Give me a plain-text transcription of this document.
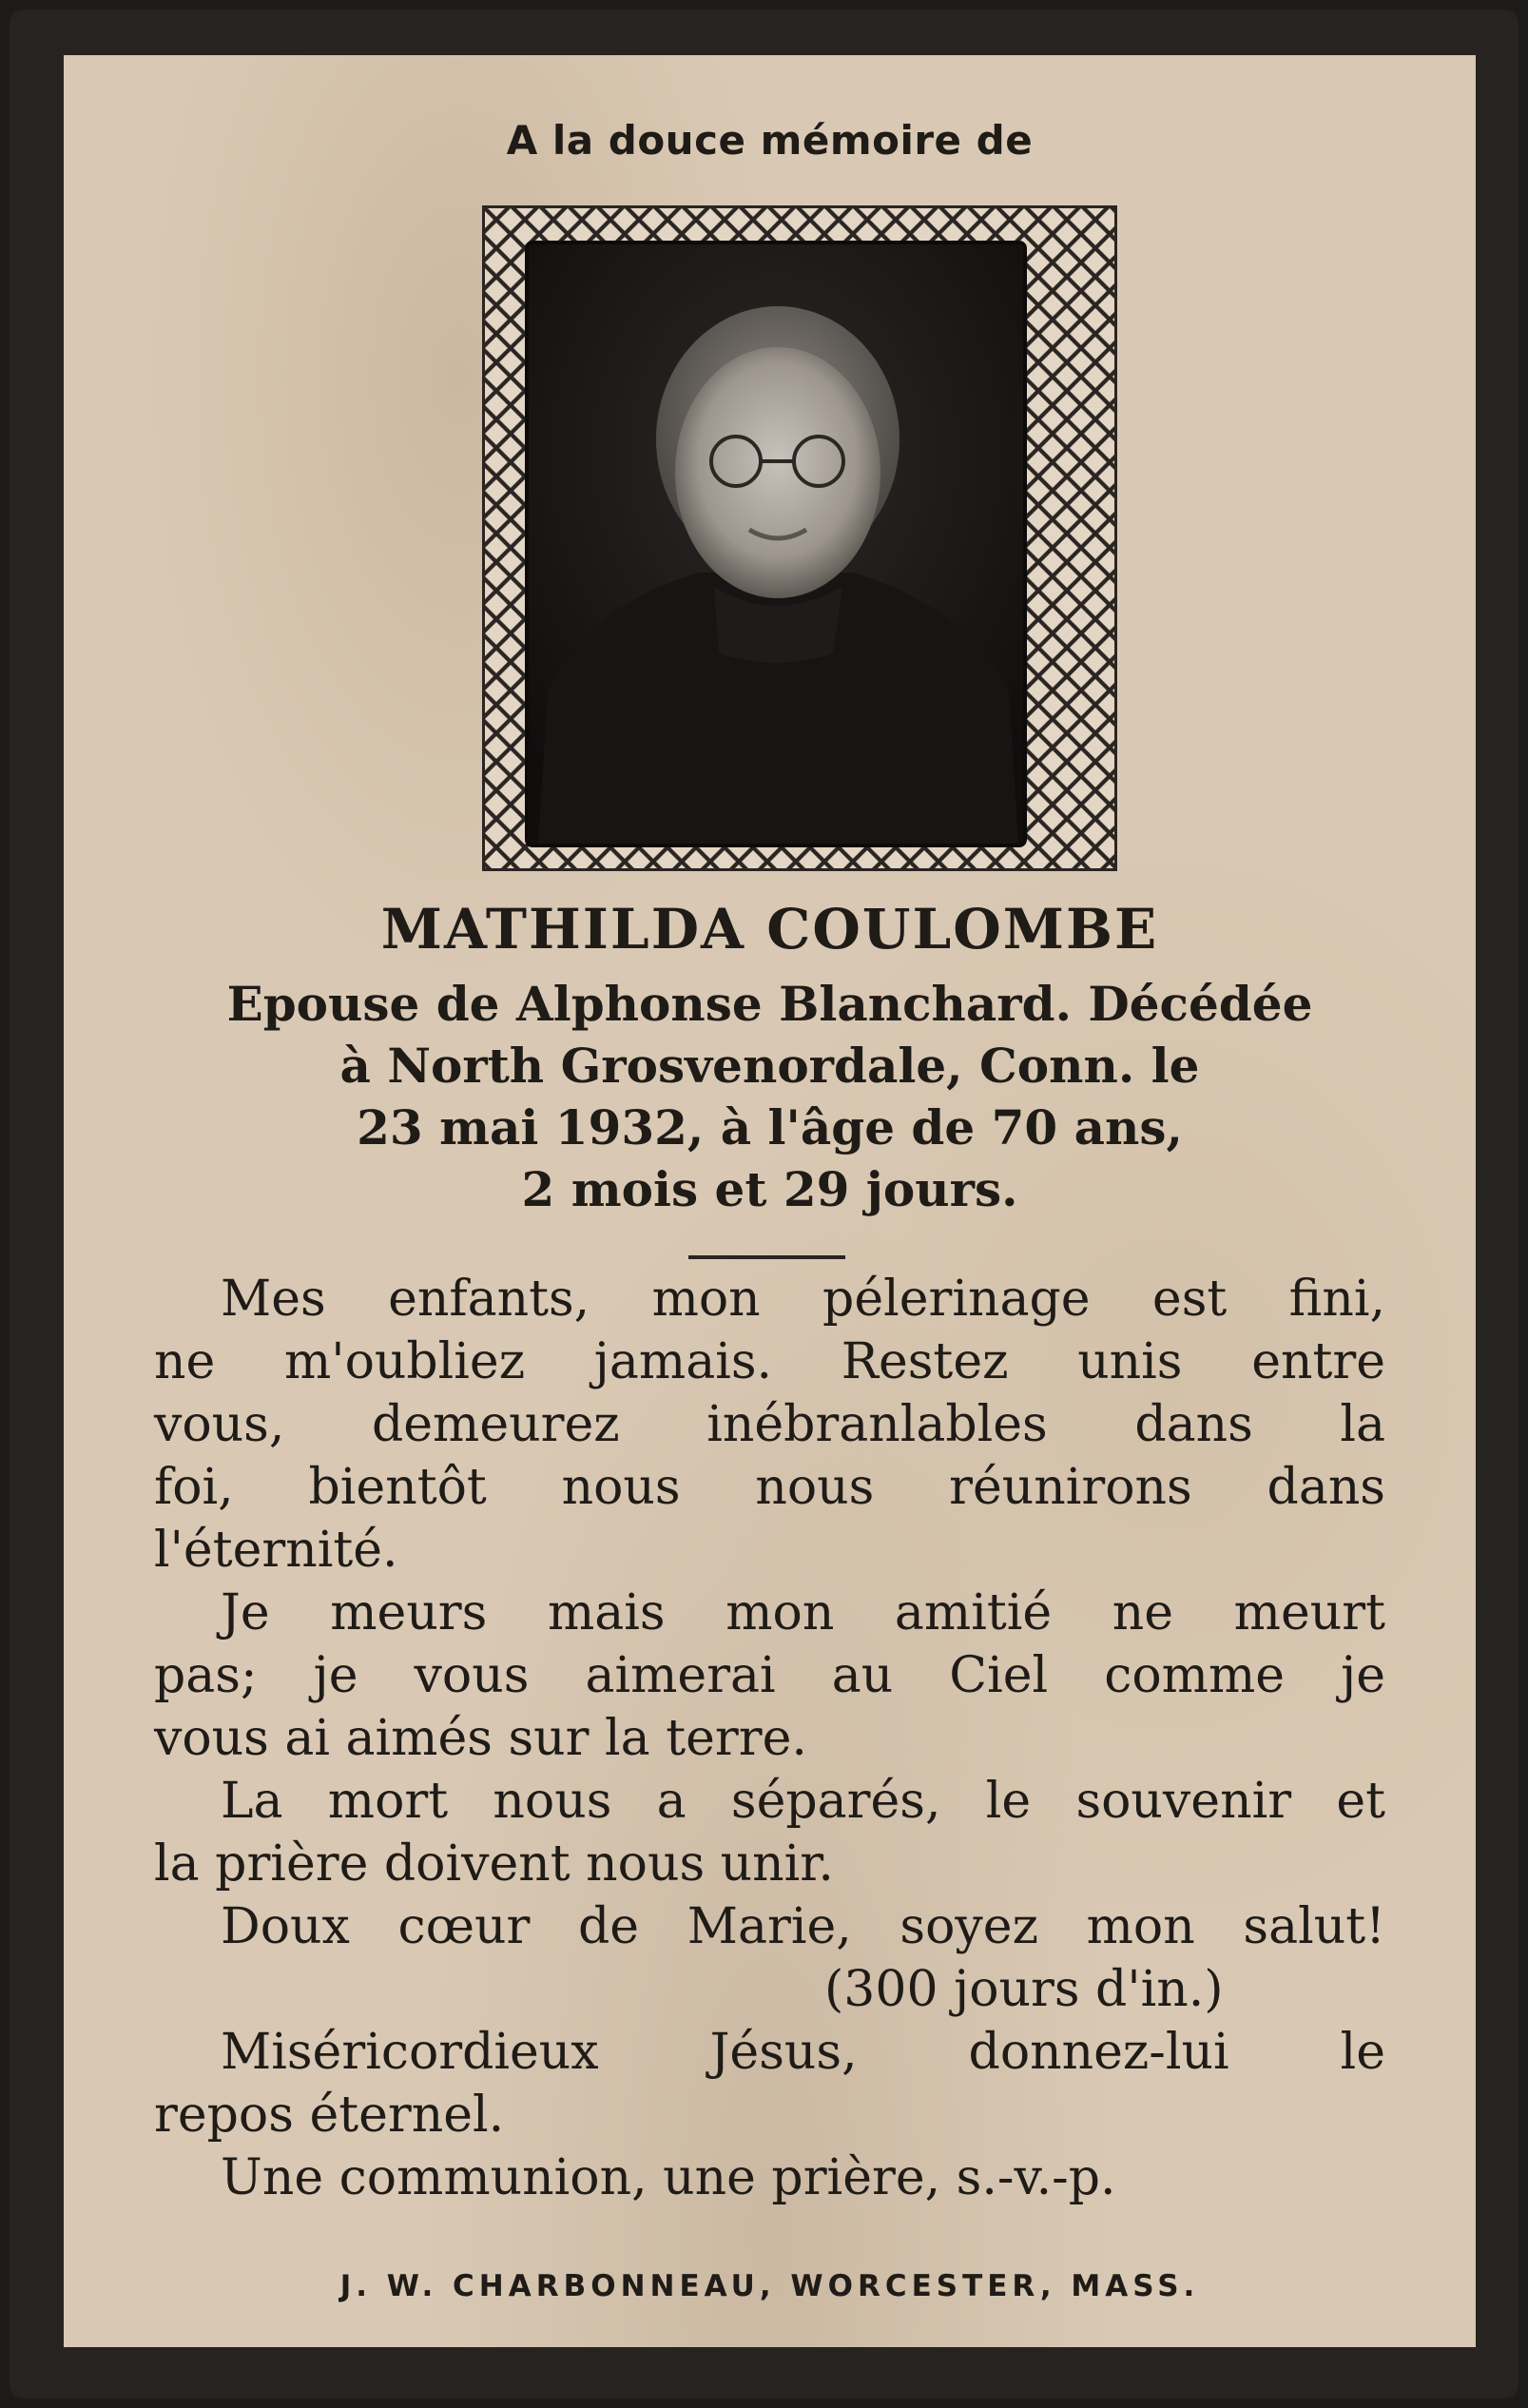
A la douce mémoire de

MATHILDA COULOMBE

Epouse de Alphonse Blanchard. Décédée

à North Grosvenordale, Conn. le

23 mai 1932, à l'âge de 70 ans,

2 mois et 29 jours.

Mes enfants, mon pélerinage est fini,

ne m'oubliez jamais. Restez unis entre

vous, demeurez inébranlables dans la

foi, bientôt nous nous réunirons dans

l'éternité.

Je meurs mais mon amitié ne meurt

pas; je vous aimerai au Ciel comme je

vous ai aimés sur la terre.

La mort nous a séparés, le souvenir et

la prière doivent nous unir.

Doux cœur de Marie, soyez mon salut!

(300 jours d'in.)

Miséricordieux Jésus, donnez-lui le

repos éternel.

Une communion, une prière, s.-v.-p.

J. W. CHARBONNEAU, WORCESTER, MASS.
